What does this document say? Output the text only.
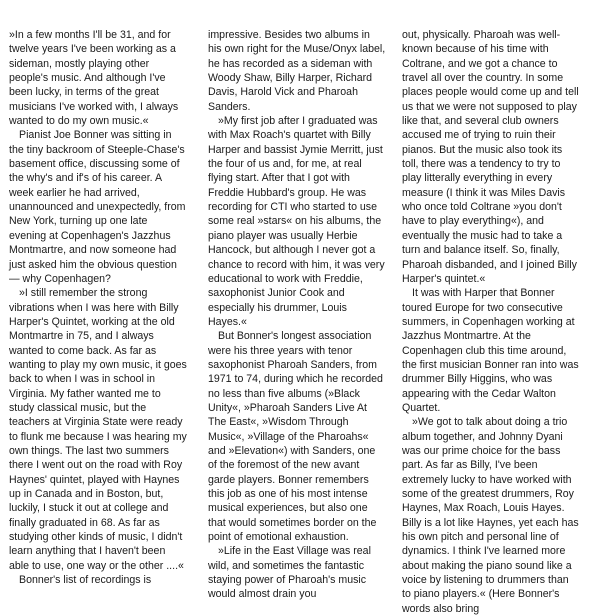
»In a few months I'll be 31, and for twelve years I've been working as a sideman, mostly playing other people's music. And although I've been lucky, in terms of the great musicians I've worked with, I always wanted to do my own music.«

Pianist Joe Bonner was sitting in the tiny backroom of Steeple-Chase's basement office, discussing some of the why's and if's of his career. A week earlier he had arrived, unannounced and unexpectedly, from New York, turning up one late evening at Copenhagen's Jazzhus Montmartre, and now someone had just asked him the obvious question — why Copenhagen?

»I still remember the strong vibrations when I was here with Billy Harper's Quintet, working at the old Montmartre in 75, and I always wanted to come back. As far as wanting to play my own music, it goes back to when I was in school in Virginia. My father wanted me to study classical music, but the teachers at Virginia State were ready to flunk me because I was hearing my own things. The last two summers there I went out on the road with Roy Haynes' quintet, played with Haynes up in Canada and in Boston, but, luckily, I stuck it out at college and finally graduated in 68. As far as studying other kinds of music, I didn't learn anything that I haven't been able to use, one way or the other ....«

Bonner's list of recordings is

impressive. Besides two albums in his own right for the Muse/Onyx label, he has recorded as a sideman with Woody Shaw, Billy Harper, Richard Davis, Harold Vick and Pharoah Sanders.

»My first job after I graduated was with Max Roach's quartet with Billy Harper and bassist Jymie Merritt, just the four of us and, for me, at real flying start. After that I got with Freddie Hubbard's group. He was recording for CTI who started to use some real »stars« on his albums, the piano player was usually Herbie Hancock, but although I never got a chance to record with him, it was very educational to work with Freddie, saxophonist Junior Cook and especially his drummer, Louis Hayes.«

But Bonner's longest association were his three years with tenor saxophonist Pharoah Sanders, from 1971 to 74, during which he recorded no less than five albums (»Black Unity«, »Pharoah Sanders Live At The East«, »Wisdom Through Music«, »Village of the Pharoahs« and »Elevation«) with Sanders, one of the foremost of the new avant garde players. Bonner remembers this job as one of his most intense musical experiences, but also one that would sometimes border on the point of emotional exhaustion.

»Life in the East Village was real wild, and sometimes the fantastic staying power of Pharoah's music would almost drain you

out, physically. Pharoah was well-known because of his time with Coltrane, and we got a chance to travel all over the country. In some places people would come up and tell us that we were not supposed to play like that, and several club owners accused me of trying to ruin their pianos. But the music also took its toll, there was a tendency to try to play litterally everything in every measure (I think it was Miles Davis who once told Coltrane »you don't have to play everything«), and eventually the music had to take a turn and balance itself. So, finally, Pharoah disbanded, and I joined Billy Harper's quintet.«

It was with Harper that Bonner toured Europe for two consecutive summers, in Copenhagen working at Jazzhus Montmartre. At the Copenhagen club this time around, the first musician Bonner ran into was drummer Billy Higgins, who was appearing with the Cedar Walton Quartet.

»We got to talk about doing a trio album together, and Johnny Dyani was our prime choice for the bass part. As far as Billy, I've been extremely lucky to have worked with some of the greatest drummers, Roy Haynes, Max Roach, Louis Hayes. Billy is a lot like Haynes, yet each has his own pitch and personal line of dynamics. I think I've learned more about making the piano sound like a voice by listening to drummers than to piano players.« (Here Bonner's words also bring
